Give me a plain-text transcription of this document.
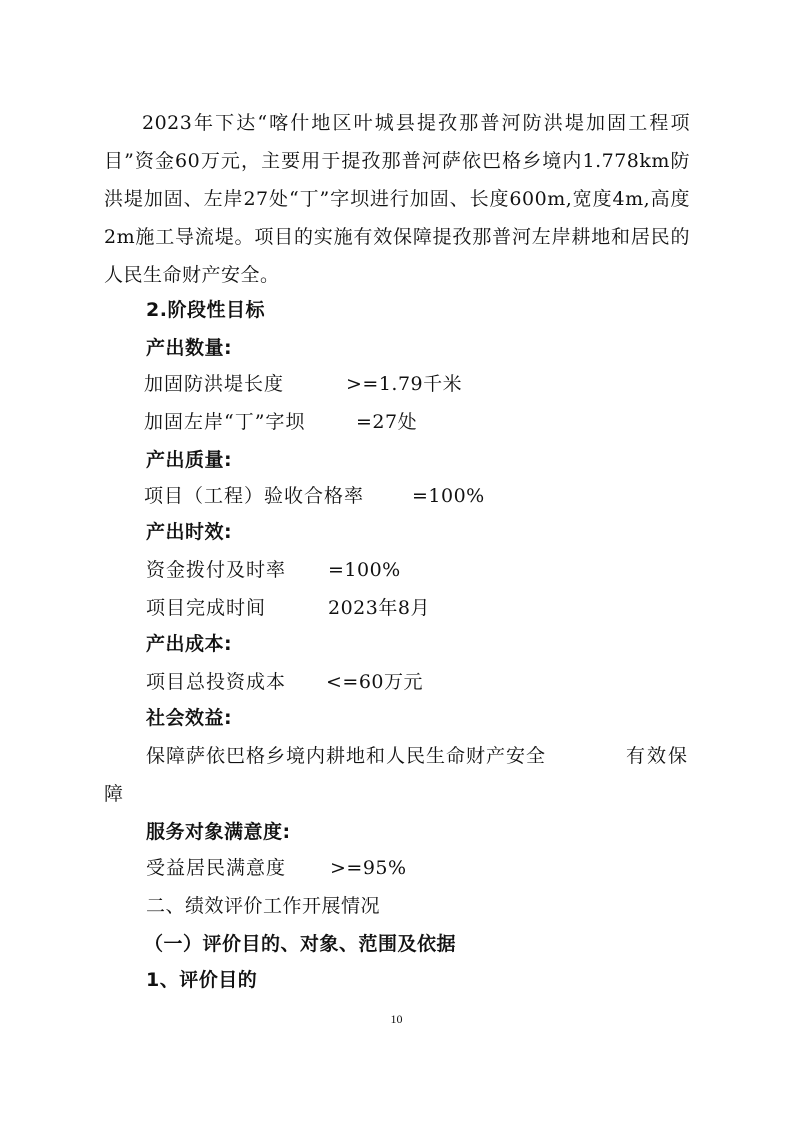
2023年下达“喀什地区叶城县提孜那普河防洪堤加固工程项目”资金60万元，主要用于提孜那普河萨依巴格乡境内1.778km防洪堤加固、左岸27处“丁”字坝进行加固、长度600m,宽度4m,高度2m施工导流堤。项目的实施有效保障提孜那普河左岸耕地和居民的人民生命财产安全。

2.阶段性目标
产出数量:
加固防洪堤长度	>=1.79千米
加固左岸“丁”字坝	=27处
产出质量:
项目（工程）验收合格率	=100%
产出时效:
资金拨付及时率 =100%
项目完成时间	2023年8月
产出成本:
项目总投资成本 <=60万元
社会效益:
保障萨依巴格乡境内耕地和人民生命财产安全	有效保
障
服务对象满意度:
受益居民满意度 >=95%
二、绩效评价工作开展情况
（一）评价目的、对象、范围及依据
1、评价目的
10
